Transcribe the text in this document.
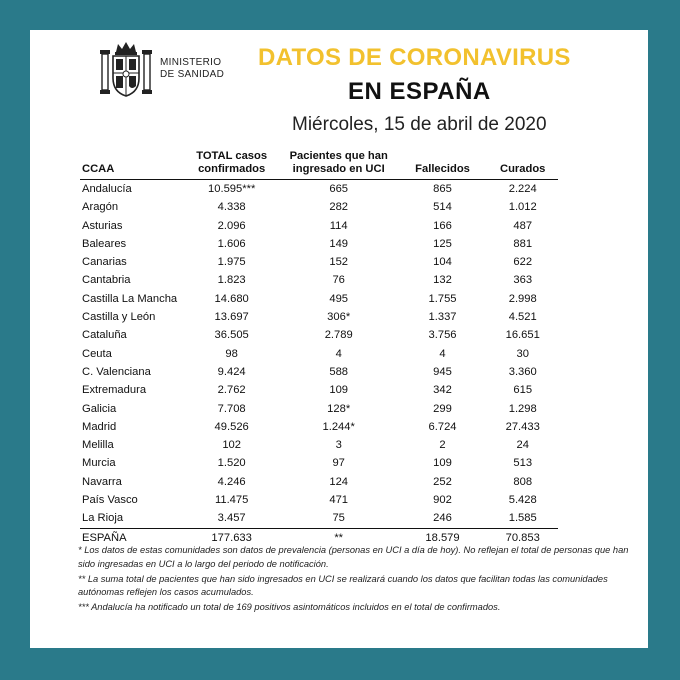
MINISTERIO
DE SANIDAD
DATOS DE CORONAVIRUS
EN ESPAÑA
Miércoles, 15 de abril de 2020
CCAA	TOTAL casos confirmados	Pacientes que han ingresado en UCI	Fallecidos	Curados
Andalucía	10.595***	665	865	2.224
Aragón	4.338	282	514	1.012
Asturias	2.096	114	166	487
Baleares	1.606	149	125	881
Canarias	1.975	152	104	622
Cantabria	1.823	76	132	363
Castilla La Mancha	14.680	495	1.755	2.998
Castilla y León	13.697	306*	1.337	4.521
Cataluña	36.505	2.789	3.756	16.651
Ceuta	98	4	4	30
C. Valenciana	9.424	588	945	3.360
Extremadura	2.762	109	342	615
Galicia	7.708	128*	299	1.298
Madrid	49.526	1.244*	6.724	27.433
Melilla	102	3	2	24
Murcia	1.520	97	109	513
Navarra	4.246	124	252	808
País Vasco	11.475	471	902	5.428
La Rioja	3.457	75	246	1.585
ESPAÑA	177.633	**	18.579	70.853

* Los datos de estas comunidades son datos de prevalencia (personas en UCI a día de hoy). No reflejan el total de personas que han sido ingresadas en UCI a lo largo del periodo de notificación.

** La suma total de pacientes que han sido ingresados en UCI se realizará cuando los datos que facilitan todas las comunidades autónomas reflejen los casos acumulados.

*** Andalucía ha notificado un total de 169 positivos asintomáticos incluidos en el total de confirmados.
